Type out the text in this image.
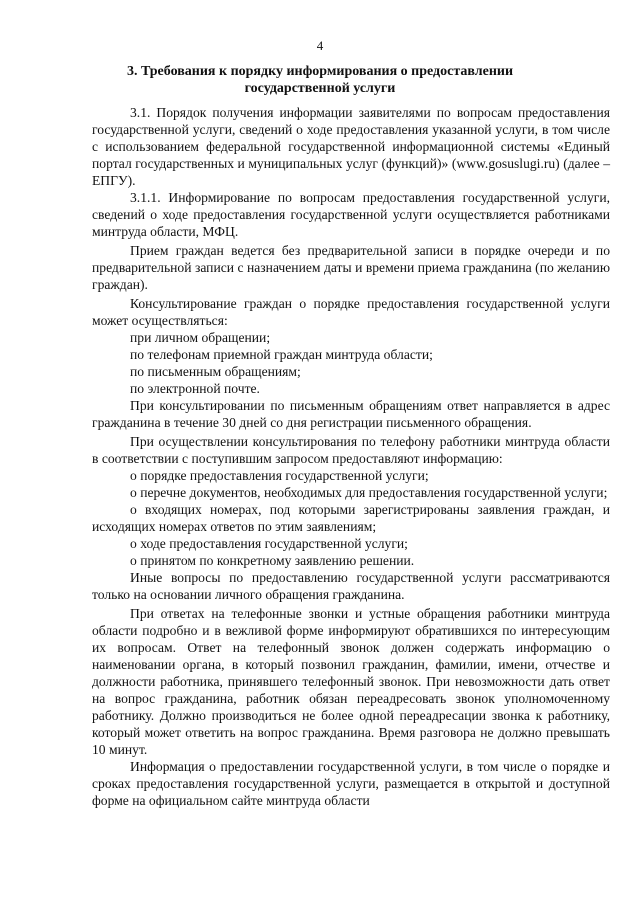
4
3. Требования к порядку информирования о предоставлении
государственной услуги

3.1. Порядок получения информации заявителями по вопросам предоставления государственной услуги, сведений о ходе предоставления указанной услуги, в том числе с использованием федеральной государственной информационной системы «Единый портал государственных и муниципальных услуг (функций)» (www.gosuslugi.ru) (далее – ЕПГУ).

3.1.1. Информирование по вопросам предоставления государственной услуги, сведений о ходе предоставления государственной услуги осуществляется работниками минтруда области, МФЦ.

Прием граждан ведется без предварительной записи в порядке очереди и по предварительной записи с назначением даты и времени приема гражданина (по желанию граждан).

Консультирование граждан о порядке предоставления государственной услуги может осуществляться:

при личном обращении;

по телефонам приемной граждан минтруда области;

по письменным обращениям;

по электронной почте.

При консультировании по письменным обращениям ответ направляется в адрес гражданина в течение 30 дней со дня регистрации письменного обращения.

При осуществлении консультирования по телефону работники минтруда области в соответствии с поступившим запросом предоставляют информацию:

о порядке предоставления государственной услуги;

о перечне документов, необходимых для предоставления государственной услуги;

о входящих номерах, под которыми зарегистрированы заявления граждан, и исходящих номерах ответов по этим заявлениям;

о ходе предоставления государственной услуги;

о принятом по конкретному заявлению решении.

Иные вопросы по предоставлению государственной услуги рассматриваются только на основании личного обращения гражданина.

При ответах на телефонные звонки и устные обращения работники минтруда области подробно и в вежливой форме информируют обратившихся по интересующим их вопросам. Ответ на телефонный звонок должен содержать информацию о наименовании органа, в который позвонил гражданин, фамилии, имени, отчестве и должности работника, принявшего телефонный звонок. При невозможности дать ответ на вопрос гражданина, работник обязан переадресовать звонок уполномоченному работнику. Должно производиться не более одной переадресации звонка к работнику, который может ответить на вопрос гражданина. Время разговора не должно превышать 10 минут.

Информация о предоставлении государственной услуги, в том числе о порядке и сроках предоставления государственной услуги, размещается в открытой и доступной форме на официальном сайте минтруда области
